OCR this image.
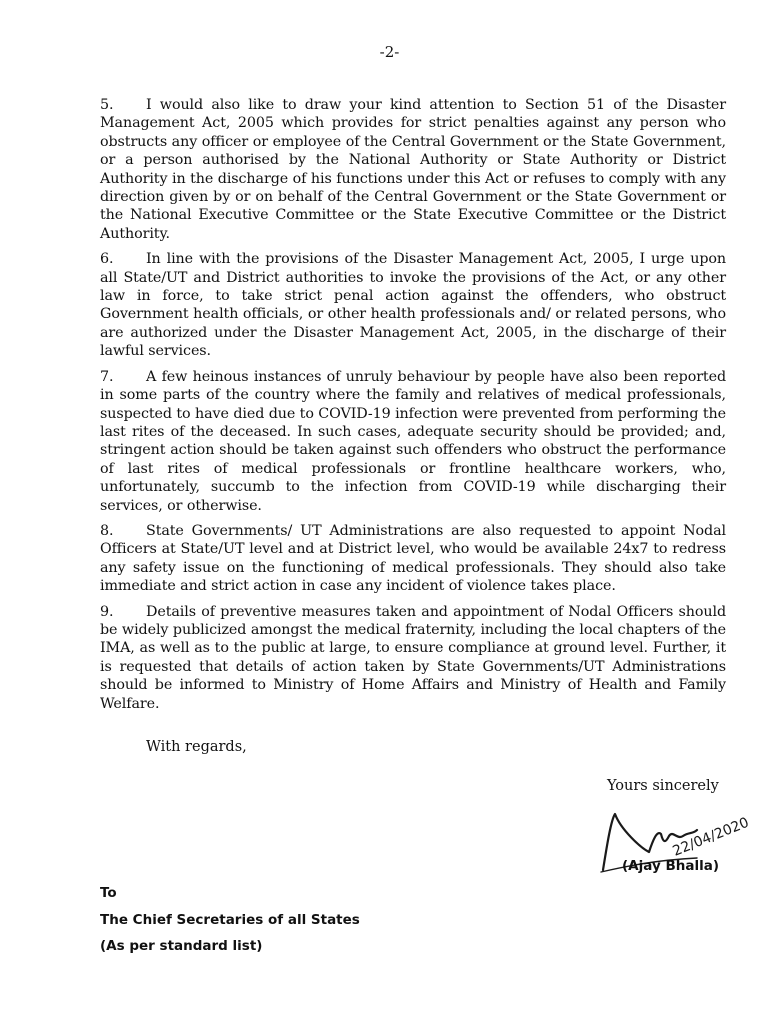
-2-

5. I would also like to draw your kind attention to Section 51 of the Disaster Management Act, 2005 which provides for strict penalties against any person who obstructs any officer or employee of the Central Government or the State Government, or a person authorised by the National Authority or State Authority or District Authority in the discharge of his functions under this Act or refuses to comply with any direction given by or on behalf of the Central Government or the State Government or the National Executive Committee or the State Executive Committee or the District Authority.

6. In line with the provisions of the Disaster Management Act, 2005, I urge upon all State/UT and District authorities to invoke the provisions of the Act, or any other law in force, to take strict penal action against the offenders, who obstruct Government health officials, or other health professionals and/ or related persons, who are authorized under the Disaster Management Act, 2005, in the discharge of their lawful services.

7. A few heinous instances of unruly behaviour by people have also been reported in some parts of the country where the family and relatives of medical professionals, suspected to have died due to COVID-19 infection were prevented from performing the last rites of the deceased. In such cases, adequate security should be provided; and, stringent action should be taken against such offenders who obstruct the performance of last rites of medical professionals or frontline healthcare workers, who, unfortunately, succumb to the infection from COVID-19 while discharging their services, or otherwise.

8. State Governments/ UT Administrations are also requested to appoint Nodal Officers at State/UT level and at District level, who would be available 24x7 to redress any safety issue on the functioning of medical professionals. They should also take immediate and strict action in case any incident of violence takes place.

9. Details of preventive measures taken and appointment of Nodal Officers should be widely publicized amongst the medical fraternity, including the local chapters of the IMA, as well as to the public at large, to ensure compliance at ground level. Further, it is requested that details of action taken by State Governments/UT Administrations should be informed to Ministry of Home Affairs and Ministry of Health and Family Welfare.

With regards,
Yours sincerely
22/04/2020
(Ajay Bhalla)
To
The Chief Secretaries of all States
(As per standard list)
